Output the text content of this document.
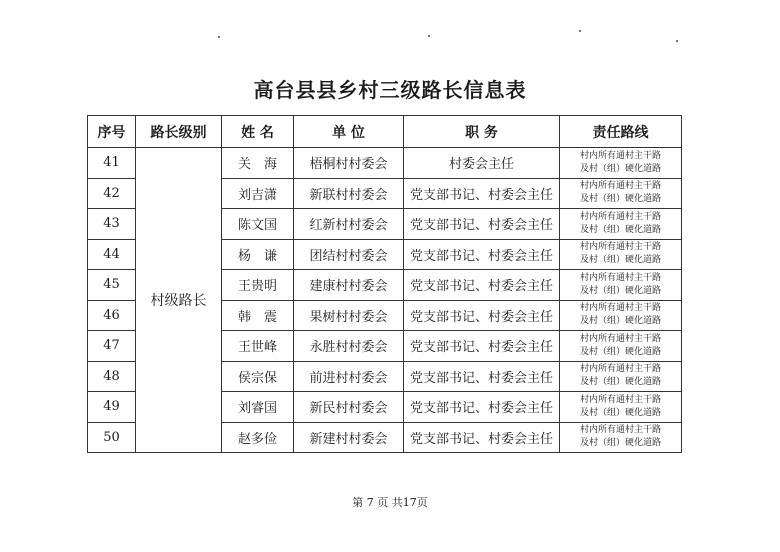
高台县县乡村三级路长信息表
序号	路长级别	姓 名	单 位	职 务	责任路线
41	村级路长	关　海	梧桐村村委会	村委会主任	村内所有通村主干路
及村（组）硬化道路

42		刘吉潇	新联村村委会	党支部书记、村委会主任	村内所有通村主干路
及村（组）硬化道路

43		陈文国	红新村村委会	党支部书记、村委会主任	村内所有通村主干路
及村（组）硬化道路

44		杨　谦	团结村村委会	党支部书记、村委会主任	村内所有通村主干路
及村（组）硬化道路

45		王贵明	建康村村委会	党支部书记、村委会主任	村内所有通村主干路
及村（组）硬化道路

46		韩　震	果树村村委会	党支部书记、村委会主任	村内所有通村主干路
及村（组）硬化道路

47		王世峰	永胜村村委会	党支部书记、村委会主任	村内所有通村主干路
及村（组）硬化道路

48		侯宗保	前进村村委会	党支部书记、村委会主任	村内所有通村主干路
及村（组）硬化道路

49		刘睿国	新民村村委会	党支部书记、村委会主任	村内所有通村主干路
及村（组）硬化道路

50		赵多俭	新建村村委会	党支部书记、村委会主任	村内所有通村主干路
及村（组）硬化道路
第 7 页 共17页
